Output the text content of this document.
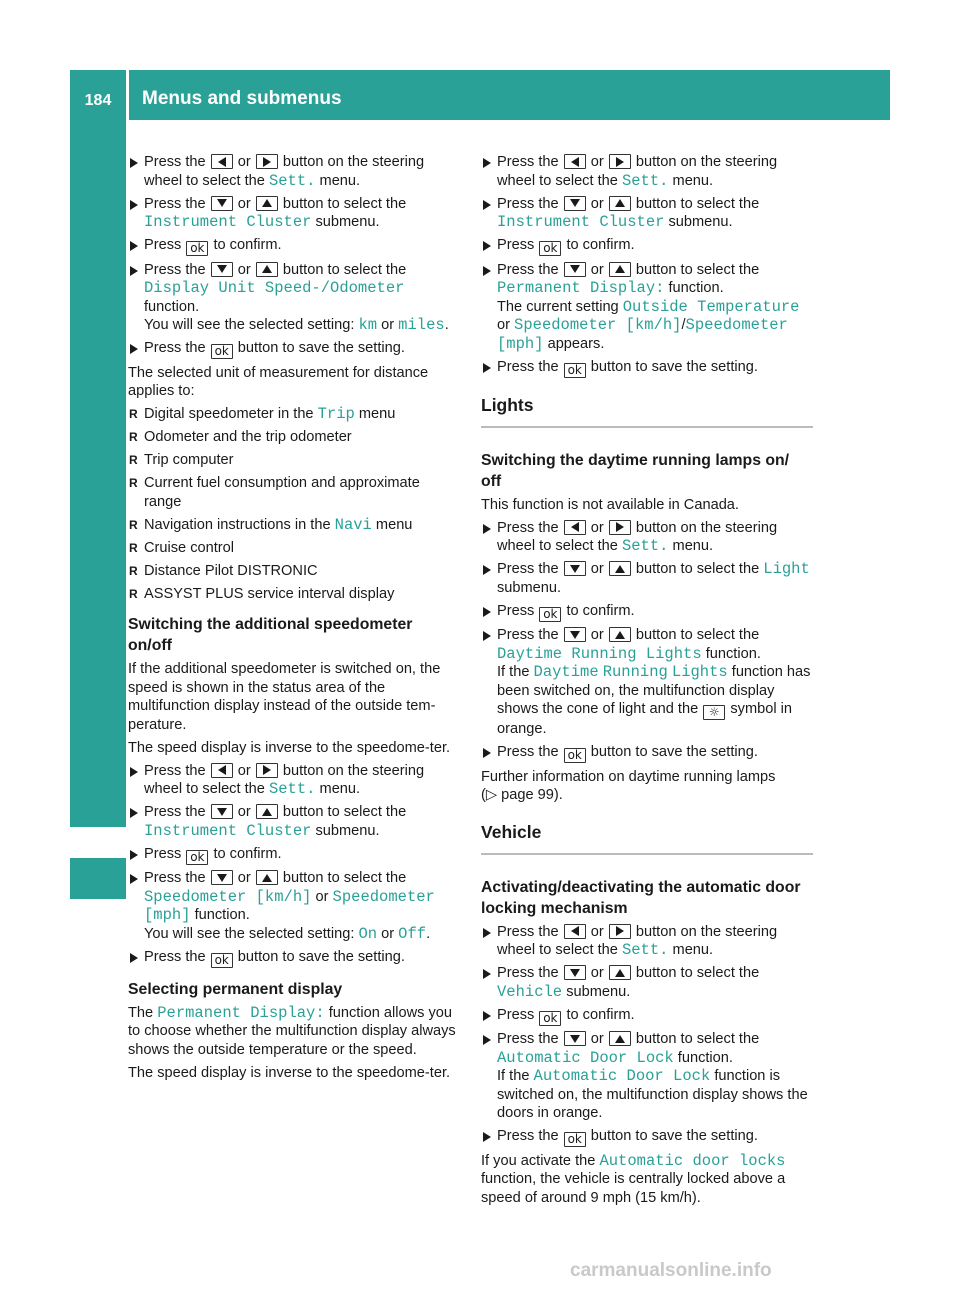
184	Menus and submenus
On-board computer and displays
Press the or button on the steering wheel to select the Sett. menu.
Press the or button to select the Instrument Cluster submenu.
Press ok to confirm.
Press the or button to select the Display Unit Speed-/Odometer function.
You will see the selected setting: km or miles.
Press the ok button to save the setting.
The selected unit of measurement for distance applies to:
R Digital speedometer in the Trip menu
R Odometer and the trip odometer
R Trip computer
R Current fuel consumption and approximate range
R Navigation instructions in the Navi menu
R Cruise control
R Distance Pilot DISTRONIC
R ASSYST PLUS service interval display
Switching the additional speedometer on/off
If the additional speedometer is switched on, the speed is shown in the status area of the multifunction display instead of the outside tem-perature.
The speed display is inverse to the speedome-ter.
Press the or button on the steering wheel to select the Sett. menu.
Press the or button to select the Instrument Cluster submenu.
Press ok to confirm.
Press the or button to select the Speedometer [km/h] or Speedometer [mph] function.
You will see the selected setting: On or Off.
Press the ok button to save the setting.
Selecting permanent display
The Permanent Display: function allows you to choose whether the multifunction display always shows the outside temperature or the speed.
The speed display is inverse to the speedome-ter.
Press the or button on the steering wheel to select the Sett. menu.
Press the or button to select the Instrument Cluster submenu.
Press ok to confirm.
Press the or button to select the Permanent Display: function.
The current setting Outside Temperature or Speedometer [km/h]/Speedometer [mph] appears.
Press the ok button to save the setting.
Lights
Switching the daytime running lamps on/ off
This function is not available in Canada.
Press the or button on the steering wheel to select the Sett. menu.
Press the or button to select the Light submenu.
Press ok to confirm.
Press the or button to select the Daytime Running Lights function.
If the Daytime Running Lights function has been switched on, the multifunction display shows the cone of light and the ☼ symbol in orange.
Press the ok button to save the setting.
Further information on daytime running lamps
(▷ page 99).
Vehicle
Activating/deactivating the automatic door locking mechanism
Press the or button on the steering wheel to select the Sett. menu.
Press the or button to select the Vehicle submenu.
Press ok to confirm.
Press the or button to select the Automatic Door Lock function.
If the Automatic Door Lock function is switched on, the multifunction display shows the doors in orange.
Press the ok button to save the setting.
If you activate the Automatic door locks function, the vehicle is centrally locked above a speed of around 9 mph (15 km/h).
carmanualsonline.info
